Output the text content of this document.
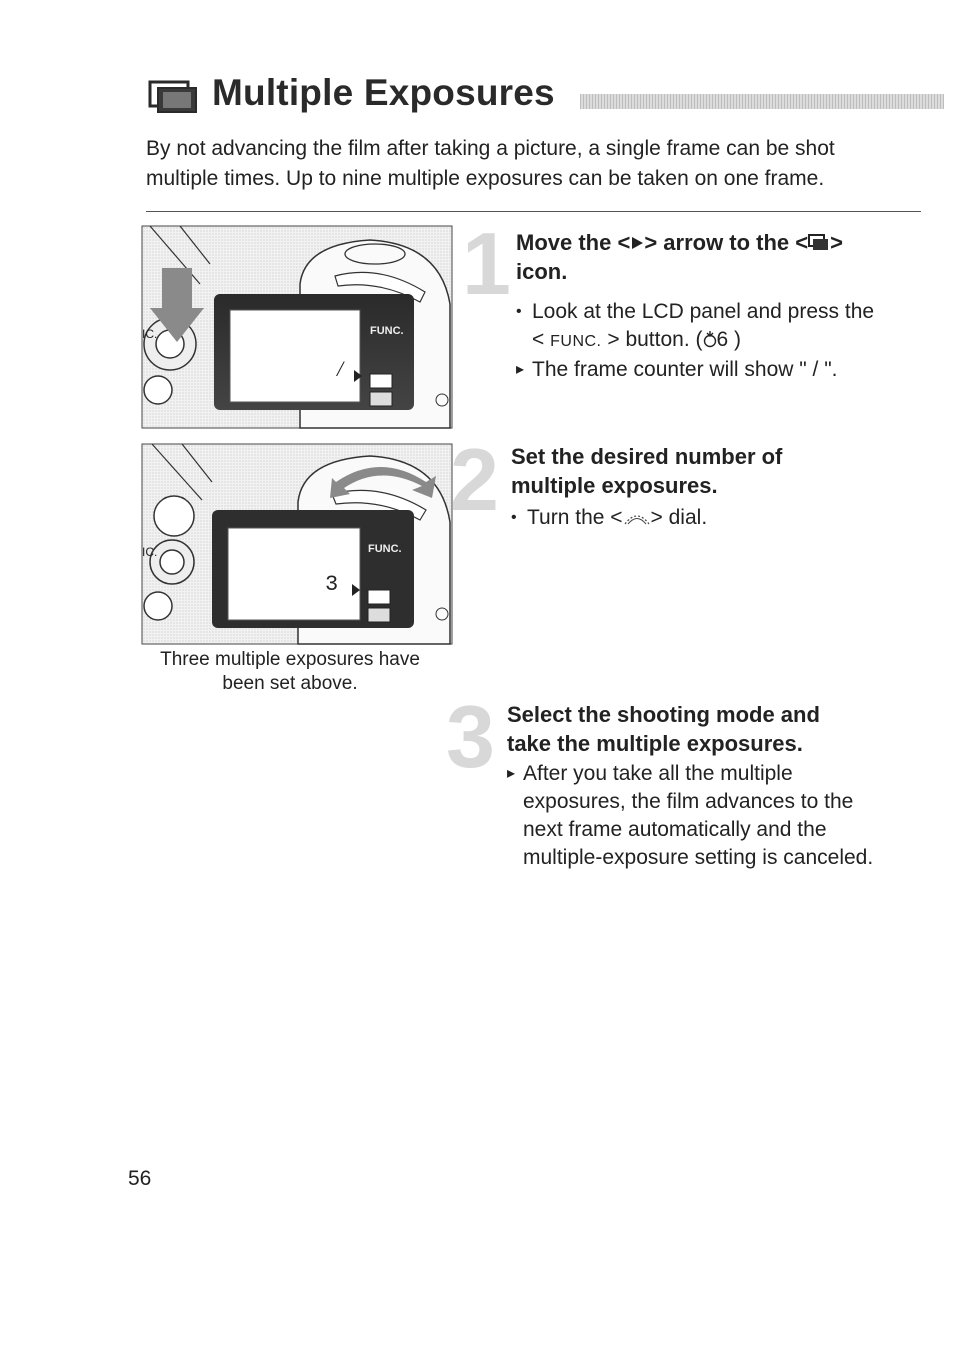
Multiple Exposures

By not advancing the film after taking a picture, a single frame can be shot

multiple times. Up to nine multiple exposures can be taken on one frame.

/
FUNC.
IC.
3
FUNC.
IC.
Three multiple exposures have
been set above.
1 Move the < > arrow to the < >
icon.
• Look at the LCD panel and press the
< FUNC. > button. ( 6 )
▸ The frame counter will show " / ".
2 Set the desired number of
multiple exposures.
• Turn the < > dial.
3 Select the shooting mode and
take the multiple exposures.
▸ After you take all the multiple
exposures, the film advances to the
next frame automatically and the
multiple-exposure setting is canceled.
56
